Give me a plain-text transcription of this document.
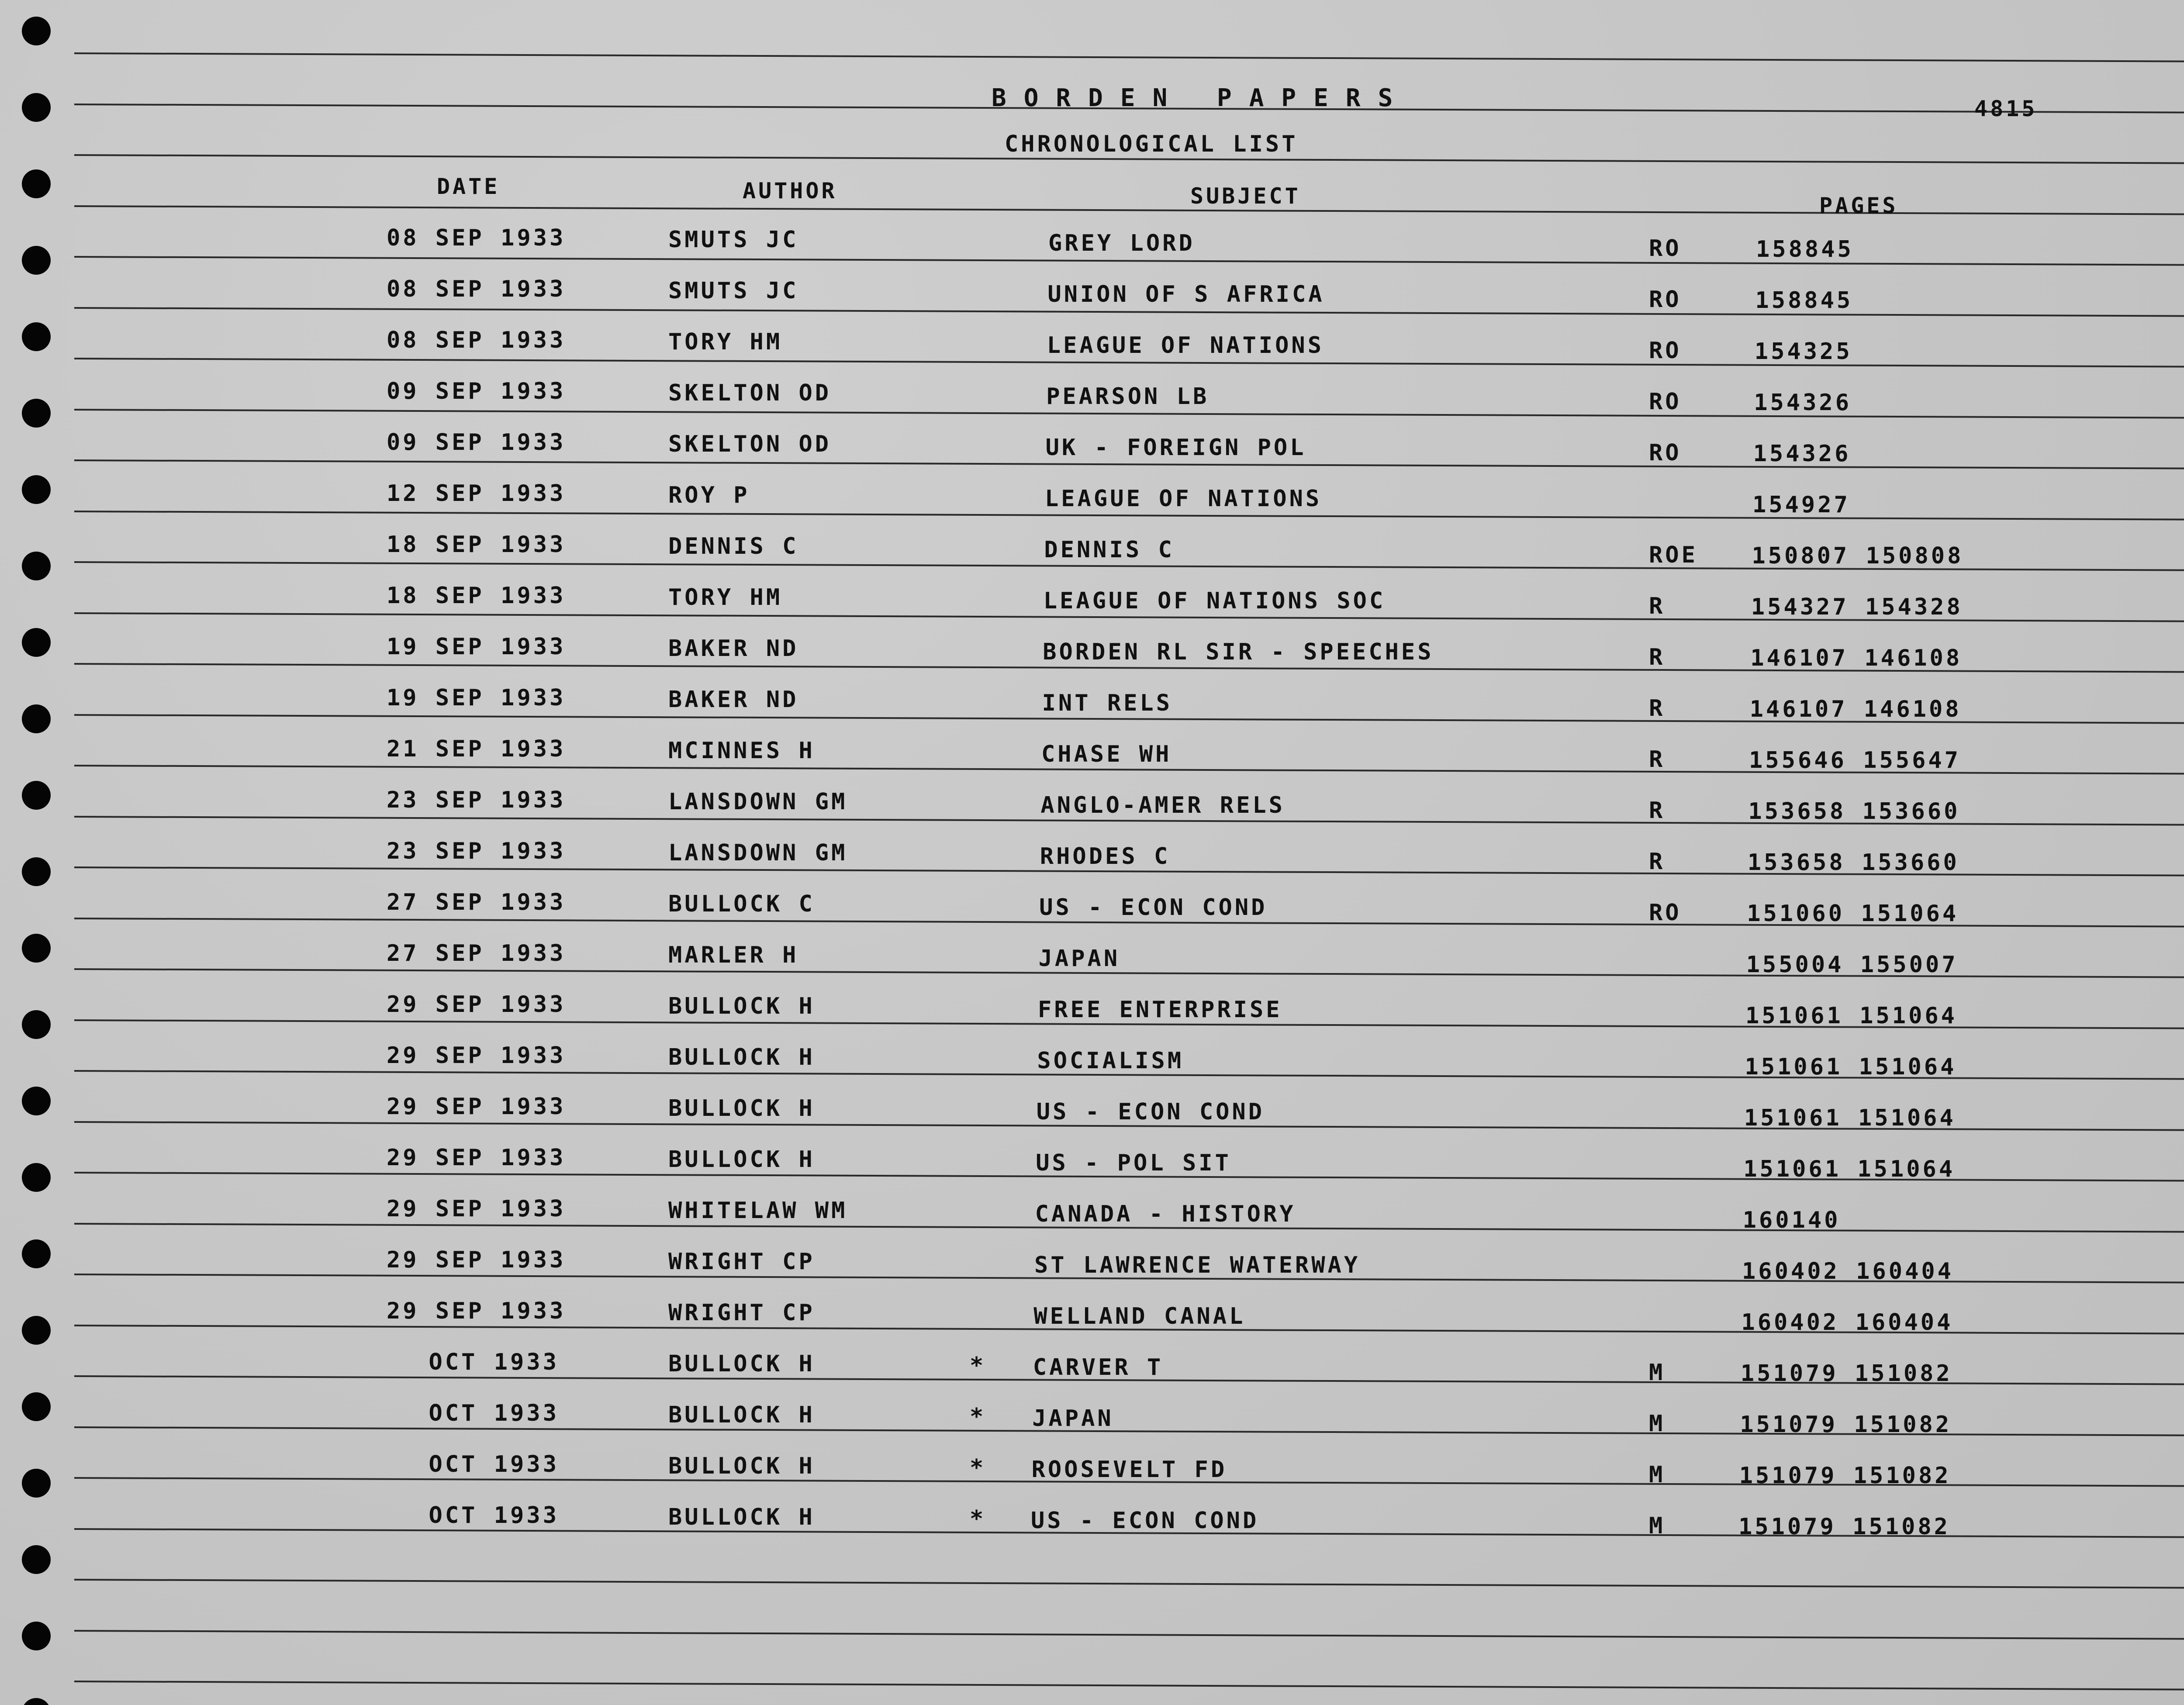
BORDEN PAPERS	4815
CHRONOLOGICAL LIST
DATE	AUTHOR	SUBJECT	PAGES
08 SEP 1933	SMUTS JC	GREY LORD	RO	158845
08 SEP 1933	SMUTS JC	UNION OF S AFRICA	RO	158845
08 SEP 1933	TORY HM	LEAGUE OF NATIONS	RO	154325
09 SEP 1933	SKELTON OD	PEARSON LB	RO	154326
09 SEP 1933	SKELTON OD	UK - FOREIGN POL	RO	154326
12 SEP 1933	ROY P	LEAGUE OF NATIONS	154927
18 SEP 1933	DENNIS C	DENNIS C	ROE 150807 150808
18 SEP 1933	TORY HM	LEAGUE OF NATIONS SOC	R	154327 154328
19 SEP 1933	BAKER ND	BORDEN RL SIR - SPEECHES	R	146107 146108
19 SEP 1933	BAKER ND	INT RELS	R	146107 146108
21 SEP 1933	MCINNES H	CHASE WH	R	155646 155647
23 SEP 1933	LANSDOWN GM	ANGLO-AMER RELS	R	153658 153660
23 SEP 1933	LANSDOWN GM	RHODES C	R	153658 153660
27 SEP 1933	BULLOCK C	US - ECON COND	RO	151060 151064
27 SEP 1933	MARLER H	JAPAN	155004 155007
29 SEP 1933	BULLOCK H	FREE ENTERPRISE	151061 151064
29 SEP 1933	BULLOCK H	SOCIALISM	151061 151064
29 SEP 1933	BULLOCK H	US - ECON COND	151061 151064
29 SEP 1933	BULLOCK H	US - POL SIT	151061 151064
29 SEP 1933	WHITELAW WM	CANADA - HISTORY	160140
29 SEP 1933	WRIGHT CP	ST LAWRENCE WATERWAY	160402 160404
29 SEP 1933	WRIGHT CP	WELLAND CANAL	160402 160404
OCT 1933	BULLOCK H	* CARVER T	M	151079 151082
OCT 1933	BULLOCK H	* JAPAN	M	151079 151082
OCT 1933	BULLOCK H	* ROOSEVELT FD	M	151079 151082
OCT 1933	BULLOCK H	* US - ECON COND	M	151079 151082
